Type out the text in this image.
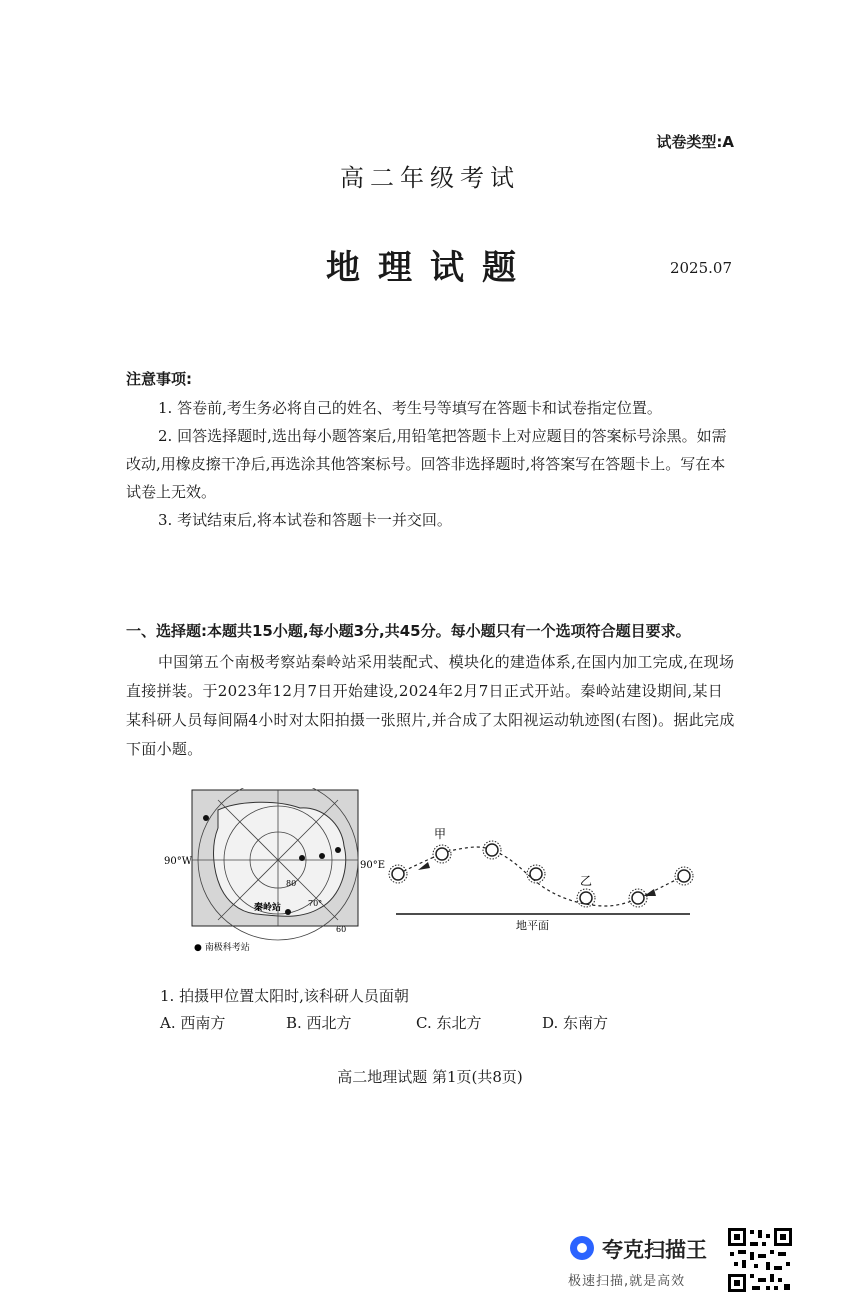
试卷类型:A
高二年级考试
地理试题	2025.07
注意事项:

1. 答卷前,考生务必将自己的姓名、考生号等填写在答题卡和试卷指定位置。

2. 回答选择题时,选出每小题答案后,用铅笔把答题卡上对应题目的答案标号涂黑。如需改动,用橡皮擦干净后,再选涂其他答案标号。回答非选择题时,将答案写在答题卡上。写在本试卷上无效。

3. 考试结束后,将本试卷和答题卡一并交回。

一、选择题:本题共15小题,每小题3分,共45分。每小题只有一个选项符合题目要求。
中国第五个南极考察站秦岭站采用装配式、模块化的建造体系,在国内加工完成,在现场直接拼装。于2023年12月7日开始建设,2024年2月7日正式开站。秦岭站建设期间,某日某科研人员每间隔4小时对太阳拍摄一张照片,并合成了太阳视运动轨迹图(右图)。据此完成下面小题。
90°W	90°E
80
70°
60
秦岭站
● 南极科考站
地平面
甲
乙
1. 拍摄甲位置太阳时,该科研人员面朝
A. 西南方	B. 西北方	C. 东北方	D. 东南方
高二地理试题 第1页(共8页)
夸克扫描王
极速扫描,就是高效
